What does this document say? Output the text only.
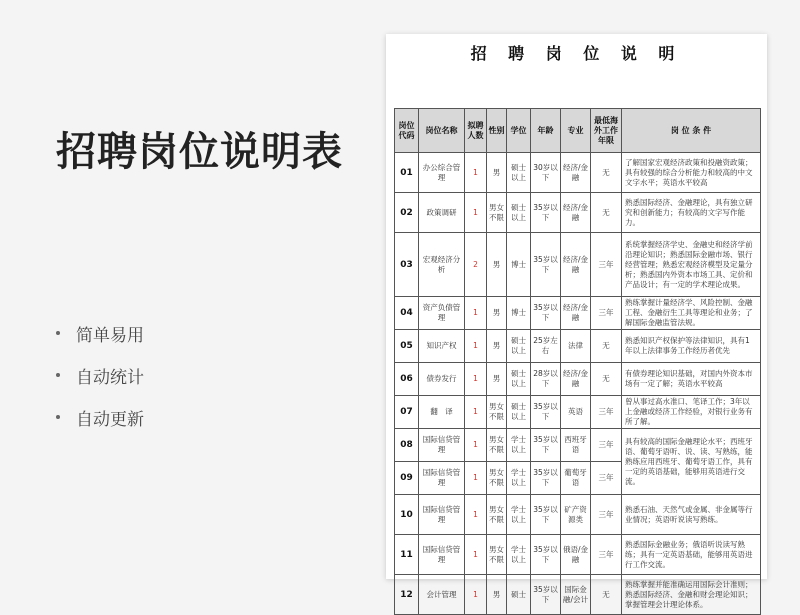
招聘岗位说明表
简单易用
自动统计
自动更新
招 聘 岗 位 说 明
岗位代码	岗位名称	拟聘人数	性别	学位	年龄	专业	最低海外工作年限	岗 位 条 件
01	办公综合管理	1	男	硕士以上	30岁以下	经济/金融	无	了解国家宏观经济政策和投融资政策；具有较强的综合分析能力和较高的中文文字水平；英语水平较高
02	政策调研	1	男女不限	硕士以上	35岁以下	经济/金融	无	熟悉国际经济、金融理论，具有独立研究和创新能力；有较高的文字写作能力。
03	宏观经济分析	2	男	博士	35岁以下	经济/金融	三年	系统掌握经济学史、金融史和经济学前沿理论知识；熟悉国际金融市场、银行经营管理；熟悉宏观经济模型及定量分析；熟悉国内外资本市场工具、定价和产品设计；有一定的学术理论成果。
04	资产负债管理	1	男	博士	35岁以下	经济/金融	三年	熟练掌握计量经济学、风险控制、金融工程、金融衍生工具等理论和业务；了解国际金融监管法规。
05	知识产权	1	男	硕士以上	25岁左右	法律	无	熟悉知识产权保护等法律知识，具有1年以上法律事务工作经历者优先
06	债券发行	1	男	硕士以上	28岁以下	经济/金融	无	有债券理论知识基础，对国内外资本市场有一定了解；英语水平较高
07	翻　译	1	男女不限	硕士以上	35岁以下	英语	三年	曾从事过高水准口、笔译工作；3年以上金融或经济工作经验，对银行业务有所了解。
08	国际信贷管理	1	男女不限	学士以上	35岁以下	西班牙语	三年	具有较高的国际金融理论水平；西班牙语、葡萄牙语听、说、读、写熟练，能熟练应用西班牙、葡萄牙语工作，具有一定的英语基础，能够用英语进行交流。
09	国际信贷管理	1	男女不限	学士以上	35岁以下	葡萄牙语	三年	
10	国际信贷管理	1	男女不限	学士以上	35岁以下	矿产资源类	三年	熟悉石油、天然气或金属、非金属等行业情况；英语听说读写熟练。
11	国际信贷管理	1	男女不限	学士以上	35岁以下	俄语/金融	三年	熟悉国际金融业务；俄语听说读写熟练；具有一定英语基础，能够用英语进行工作交流。
12	会计管理	1	男	硕士	35岁以下	国际金融/会计	无	熟练掌握并能准确运用国际会计准则；熟悉国际经济、金融和财会理论知识；掌握管理会计理论体系。
